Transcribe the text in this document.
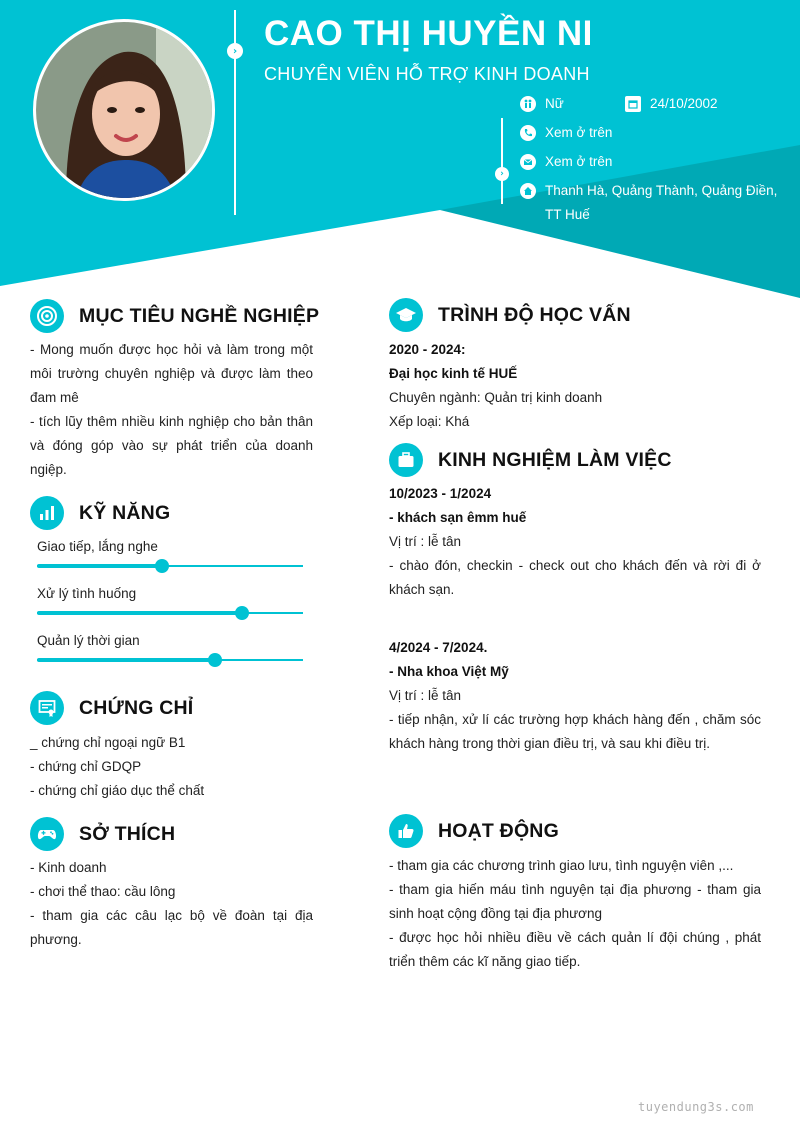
› CAO THỊ HUYỀN NI
CHUYÊN VIÊN HỖ TRỢ KINH DOANH
›
Nữ	24/10/2002
Xem ở trên
Xem ở trên
Thanh Hà, Quảng Thành, Quảng Điền,
TT Huế
MỤC TIÊU NGHỀ NGHIỆP
- Mong muốn được học hỏi và làm trong một môi trường chuyên nghiệp và được làm theo đam mê
- tích lũy thêm nhiều kinh nghiệp cho bản thân và đóng góp vào sự phát triển của doanh ngiệp.
KỸ NĂNG
Giao tiếp, lắng nghe
Xử lý tình huống
Quản lý thời gian
CHỨNG CHỈ
_ chứng chỉ ngoại ngữ B1
- chứng chỉ GDQP
- chứng chỉ giáo dục thể chất
SỞ THÍCH
- Kinh doanh
- chơi thể thao: cầu lông
- tham gia các câu lạc bộ về đoàn tại địa phương.
TRÌNH ĐỘ HỌC VẤN
2020 - 2024:
Đại học kinh tế HUẾ
Chuyên ngành: Quản trị kinh doanh
Xếp loại: Khá
KINH NGHIỆM LÀM VIỆC
10/2023 - 1/2024
- khách sạn êmm huế
Vị trí : lễ tân
- chào đón, checkin - check out cho khách đến và rời đi ở khách sạn.
4/2024 - 7/2024.
- Nha khoa Việt Mỹ
Vị trí : lễ tân
- tiếp nhận, xử lí các trường hợp khách hàng đến , chăm sóc khách hàng trong thời gian điều trị, và sau khi điều trị.
HOẠT ĐỘNG
- tham gia các chương trình giao lưu, tình nguyện viên ,...
- tham gia hiến máu tình nguyện tại địa phương - tham gia sinh hoạt cộng đồng tại địa phương
- được học hỏi nhiều điều về cách quản lí đội chúng , phát triển thêm các kĩ năng giao tiếp.
tuyendung3s.com
